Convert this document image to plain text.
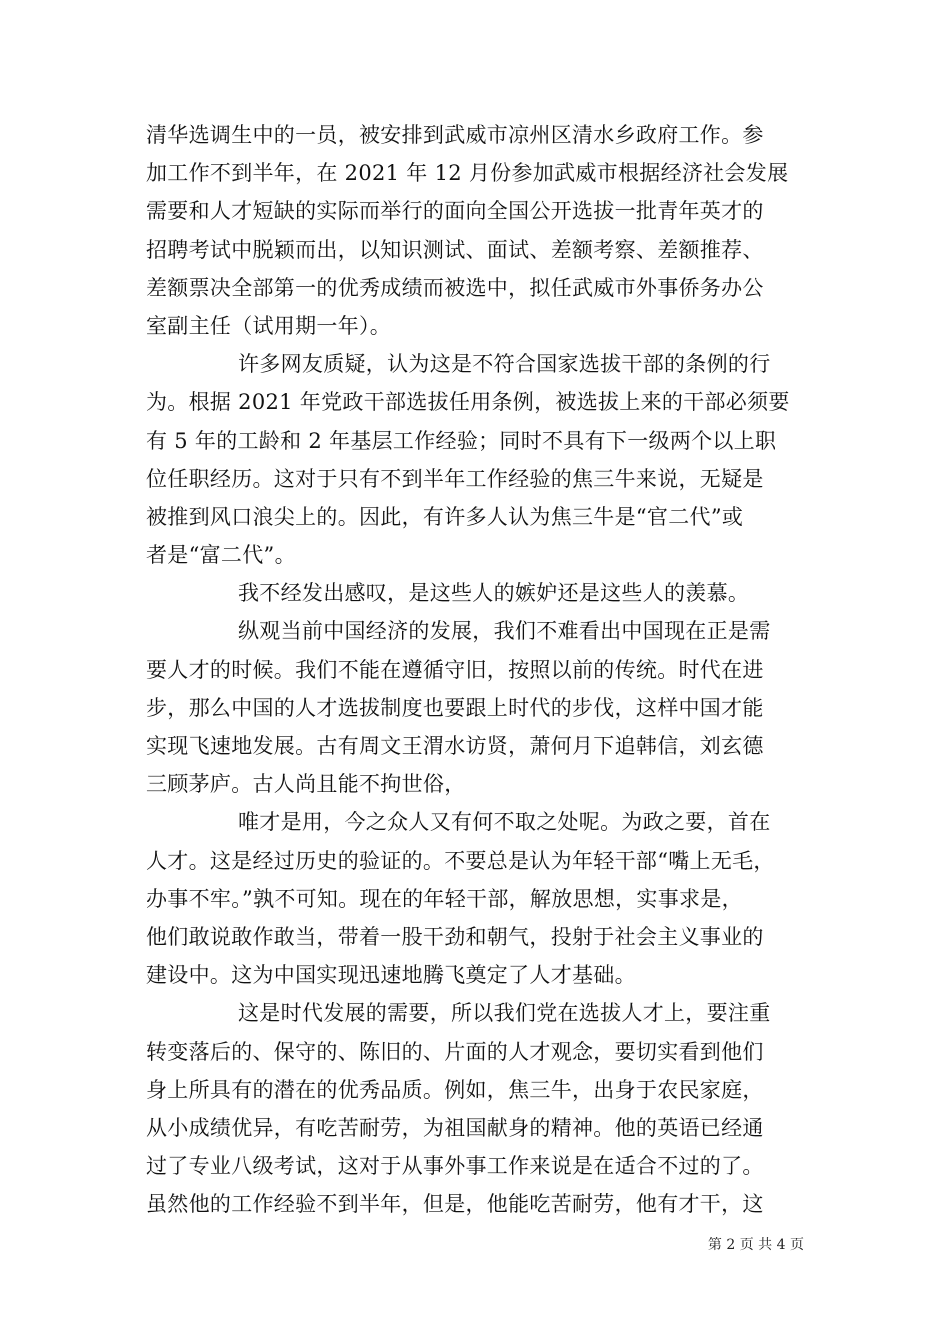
清华选调生中的一员，被安排到武威市凉州区清水乡政府工作。参
加工作不到半年，在 2021 年 12 月份参加武威市根据经济社会发展
需要和人才短缺的实际而举行的面向全国公开选拔一批青年英才的
招聘考试中脱颖而出，以知识测试、面试、差额考察、差额推荐、
差额票决全部第一的优秀成绩而被选中，拟任武威市外事侨务办公
室副主任（试用期一年）。

许多网友质疑，认为这是不符合国家选拔干部的条例的行
为。根据 2021 年党政干部选拔任用条例，被选拔上来的干部必须要
有 5 年的工龄和 2 年基层工作经验；同时不具有下一级两个以上职
位任职经历。这对于只有不到半年工作经验的焦三牛来说，无疑是
被推到风口浪尖上的。因此，有许多人认为焦三牛是“官二代”或
者是“富二代”。

我不经发出感叹，是这些人的嫉妒还是这些人的羡慕。

纵观当前中国经济的发展，我们不难看出中国现在正是需
要人才的时候。我们不能在遵循守旧，按照以前的传统。时代在进
步，那么中国的人才选拔制度也要跟上时代的步伐，这样中国才能
实现飞速地发展。古有周文王渭水访贤，萧何月下追韩信，刘玄德
三顾茅庐。古人尚且能不拘世俗，

唯才是用，今之众人又有何不取之处呢。为政之要，首在
人才。这是经过历史的验证的。不要总是认为年轻干部“嘴上无毛，
办事不牢。”孰不可知。现在的年轻干部，解放思想，实事求是，
他们敢说敢作敢当，带着一股干劲和朝气，投射于社会主义事业的
建设中。这为中国实现迅速地腾飞奠定了人才基础。

这是时代发展的需要，所以我们党在选拔人才上，要注重
转变落后的、保守的、陈旧的、片面的人才观念，要切实看到他们
身上所具有的潜在的优秀品质。例如，焦三牛，出身于农民家庭，
从小成绩优异，有吃苦耐劳，为祖国献身的精神。他的英语已经通
过了专业八级考试，这对于从事外事工作来说是在适合不过的了。
虽然他的工作经验不到半年，但是，他能吃苦耐劳，他有才干，这

第 2 页 共 4 页
